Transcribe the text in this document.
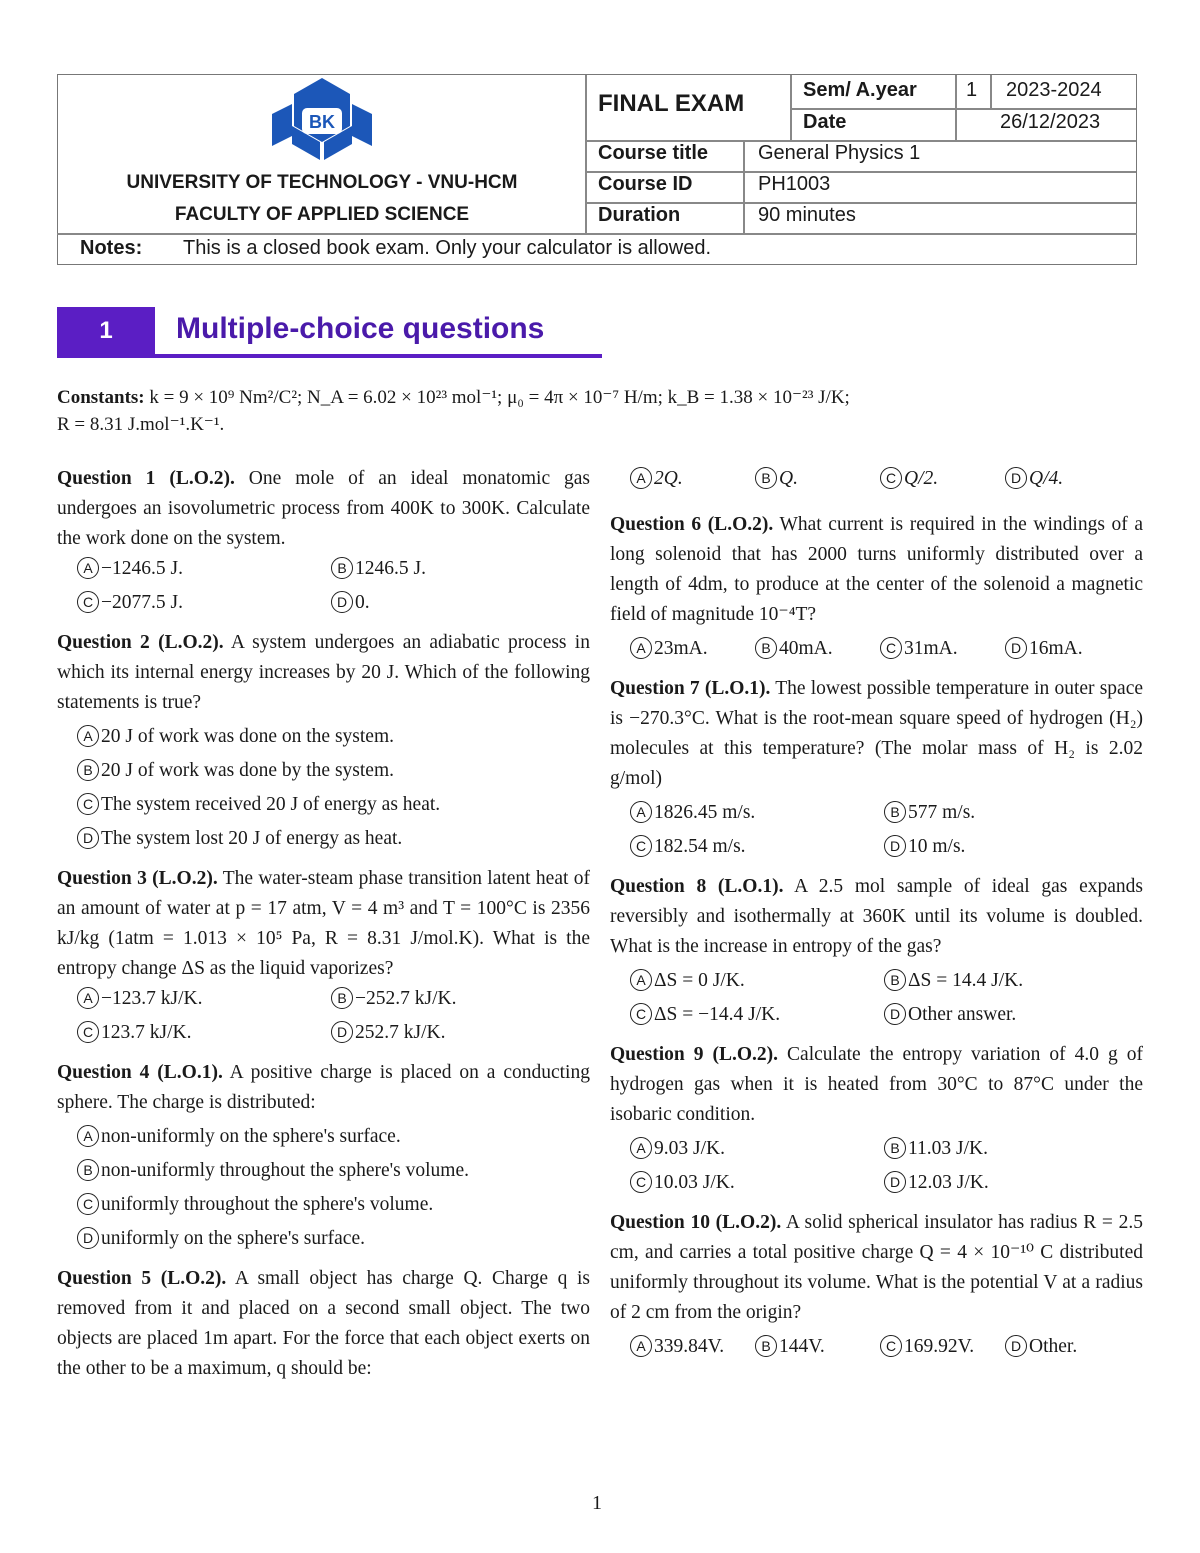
BK
UNIVERSITY OF TECHNOLOGY - VNU-HCM
FACULTY OF APPLIED SCIENCE
FINAL EXAM	Sem/ A.year 1 2023-2024
Date	26/12/2023
Course title General Physics 1
Course ID	PH1003
Duration	90 minutes
Notes: This is a closed book exam. Only your calculator is allowed.
1	Multiple-choice questions
Constants: k = 9 × 10⁹ Nm²/C²; N_A = 6.02 × 10²³ mol⁻¹; μ₀ = 4π × 10⁻⁷ H/m; k_B = 1.38 × 10⁻²³ J/K;
R = 8.31 J.mol⁻¹.K⁻¹.

Question 1 (L.O.2). One mole of an ideal monatomic gas undergoes an isovolumetric process from 400K to 300K. Calculate the work done on the system.

A −1246.5 J.	B 1246.5 J.
C −2077.5 J.	D 0.

Question 2 (L.O.2). A system undergoes an adiabatic process in which its internal energy increases by 20 J. Which of the following statements is true?

A 20 J of work was done on the system.
B 20 J of work was done by the system.
C The system received 20 J of energy as heat.
D The system lost 20 J of energy as heat.

Question 3 (L.O.2). The water-steam phase transition latent heat of an amount of water at p = 17 atm, V = 4 m³ and T = 100°C is 2356 kJ/kg (1atm = 1.013 × 10⁵ Pa, R = 8.31 J/mol.K). What is the entropy change ΔS as the liquid vaporizes?

A −123.7 kJ/K.	B −252.7 kJ/K.
C 123.7 kJ/K.	D 252.7 kJ/K.

Question 4 (L.O.1). A positive charge is placed on a conducting sphere. The charge is distributed:

A non-uniformly on the sphere's surface.
B non-uniformly throughout the sphere's volume.
C uniformly throughout the sphere's volume.
D uniformly on the sphere's surface.

Question 5 (L.O.2). A small object has charge Q. Charge q is removed from it and placed on a second small object. The two objects are placed 1m apart. For the force that each object exerts on the other to be a maximum, q should be:

A 2Q.	B Q.	C Q/2.	D Q/4.

Question 6 (L.O.2). What current is required in the windings of a long solenoid that has 2000 turns uniformly distributed over a length of 4dm, to produce at the center of the solenoid a magnetic field of magnitude 10⁻⁴T?

A 23mA.	B 40mA.	C 31mA.	D 16mA.

Question 7 (L.O.1). The lowest possible temperature in outer space is −270.3°C. What is the root-mean square speed of hydrogen (H₂) molecules at this temperature? (The molar mass of H₂ is 2.02 g/mol)

A 1826.45 m/s.	B 577 m/s.
C 182.54 m/s.	D 10 m/s.

Question 8 (L.O.1). A 2.5 mol sample of ideal gas expands reversibly and isothermally at 360K until its volume is doubled. What is the increase in entropy of the gas?

A ΔS = 0 J/K.	B ΔS = 14.4 J/K.
C ΔS = −14.4 J/K.	D Other answer.

Question 9 (L.O.2). Calculate the entropy variation of 4.0 g of hydrogen gas when it is heated from 30°C to 87°C under the isobaric condition.

A 9.03 J/K.	B 11.03 J/K.
C 10.03 J/K.	D 12.03 J/K.

Question 10 (L.O.2). A solid spherical insulator has radius R = 2.5 cm, and carries a total positive charge Q = 4 × 10⁻¹⁰ C distributed uniformly throughout its volume. What is the potential V at a radius of 2 cm from the origin?

A 339.84V.	B 144V.	C 169.92V.	D Other.
1
